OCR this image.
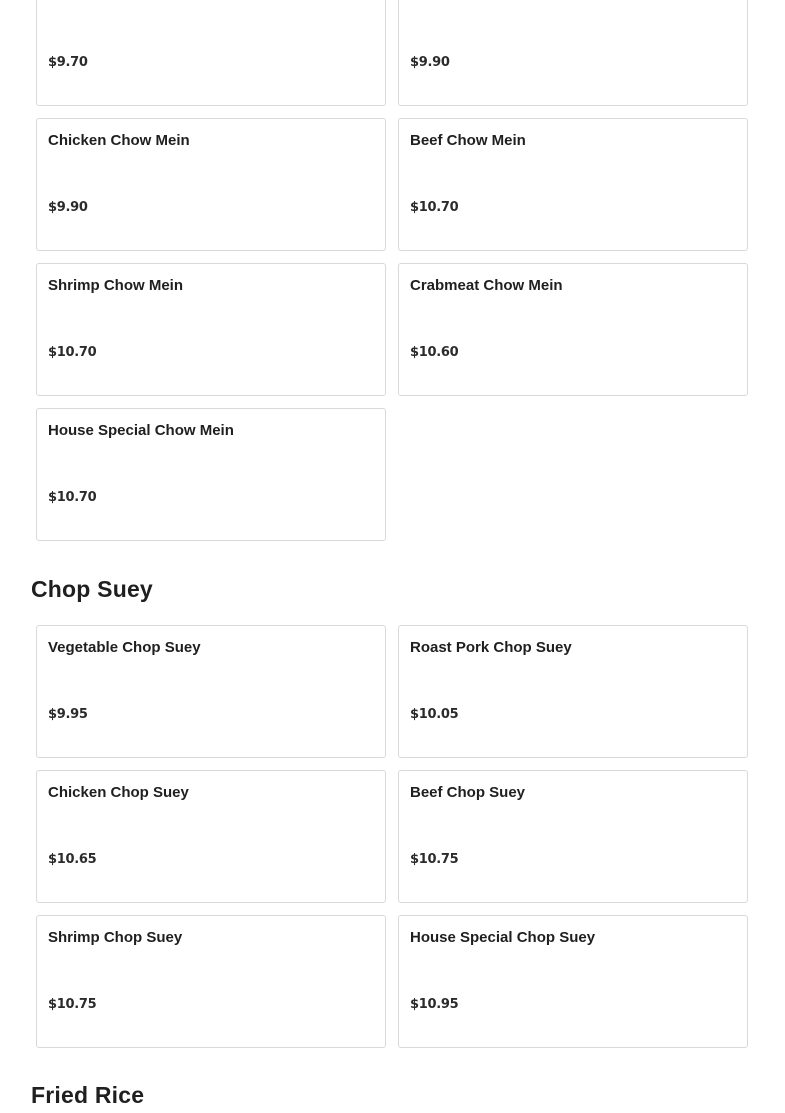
$9.70	$9.90
Chicken Chow Mein
$9.90
Beef Chow Mein
$10.70
Shrimp Chow Mein
$10.70
Crabmeat Chow Mein
$10.60
House Special Chow Mein
$10.70
Chop Suey
Vegetable Chop Suey
$9.95
Roast Pork Chop Suey
$10.05
Chicken Chop Suey
$10.65
Beef Chop Suey
$10.75
Shrimp Chop Suey
$10.75
House Special Chop Suey
$10.95
Fried Rice
